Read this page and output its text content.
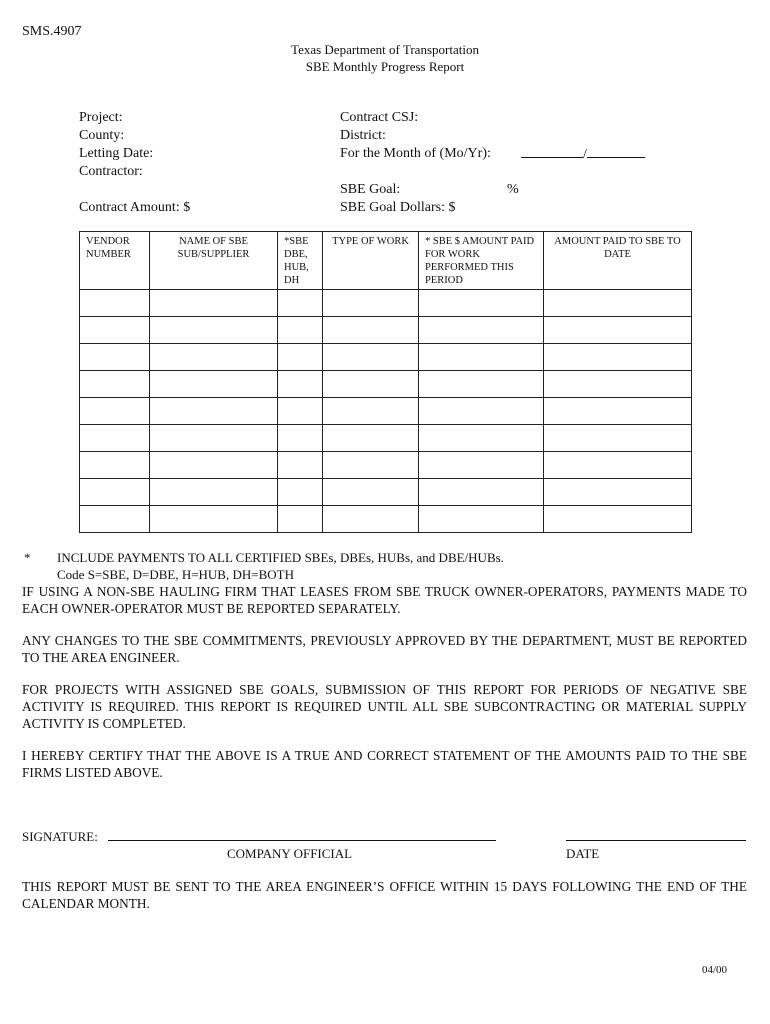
SMS.4907
Texas Department of Transportation
SBE Monthly Progress Report
Project:
County:
Letting Date:
Contractor:
Contract Amount: $
Contract CSJ:
District:
For the Month of (Mo/Yr):	/
SBE Goal:	%
SBE Goal Dollars: $
VENDOR NUMBER	NAME OF SBE SUB/SUPPLIER	*SBE DBE, HUB, DH	TYPE OF WORK	* SBE $ AMOUNT PAID FOR WORK PERFORMED THIS PERIOD	AMOUNT PAID TO SBE TO DATE

* INCLUDE PAYMENTS TO ALL CERTIFIED SBEs, DBEs, HUBs, and DBE/HUBs.
Code S=SBE, D=DBE, H=HUB, DH=BOTH
IF USING A NON-SBE HAULING FIRM THAT LEASES FROM SBE TRUCK OWNER-OPERATORS, PAYMENTS MADE TO EACH OWNER-OPERATOR MUST BE REPORTED SEPARATELY.
ANY CHANGES TO THE SBE COMMITMENTS, PREVIOUSLY APPROVED BY THE DEPARTMENT, MUST BE REPORTED TO THE AREA ENGINEER.
FOR PROJECTS WITH ASSIGNED SBE GOALS, SUBMISSION OF THIS REPORT FOR PERIODS OF NEGATIVE SBE ACTIVITY IS REQUIRED. THIS REPORT IS REQUIRED UNTIL ALL SBE SUBCONTRACTING OR MATERIAL SUPPLY ACTIVITY IS COMPLETED.
I HEREBY CERTIFY THAT THE ABOVE IS A TRUE AND CORRECT STATEMENT OF THE AMOUNTS PAID TO THE SBE FIRMS LISTED ABOVE.
SIGNATURE:
COMPANY OFFICIAL	DATE
THIS REPORT MUST BE SENT TO THE AREA ENGINEER’S OFFICE WITHIN 15 DAYS FOLLOWING THE END OF THE CALENDAR MONTH.
04/00
